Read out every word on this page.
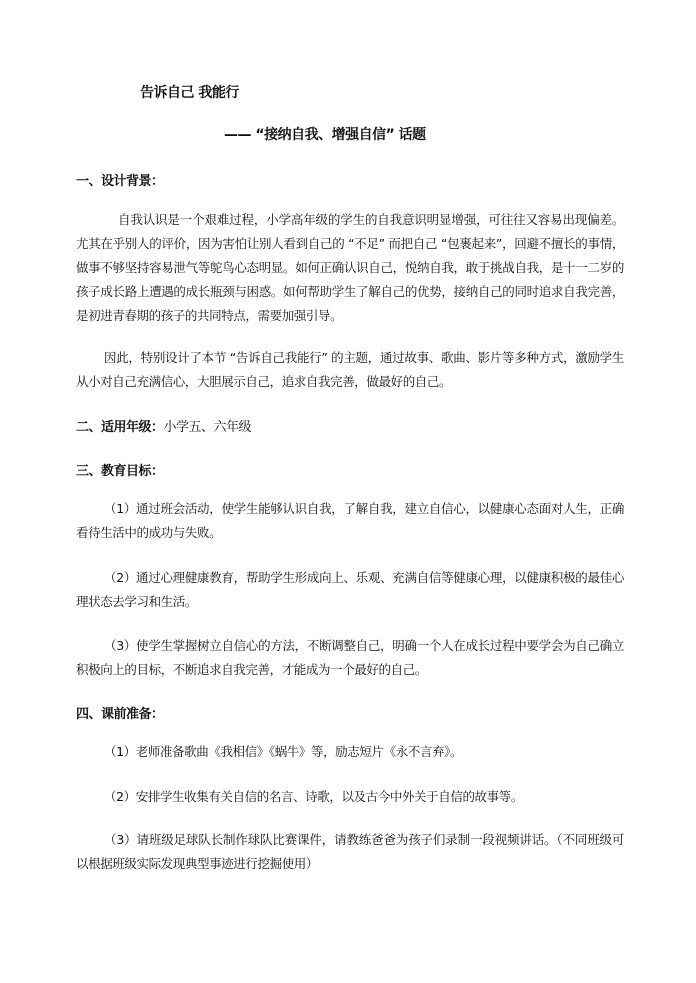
告诉自己 我能行
—— “接纳自我、增强自信” 话题
一、设计背景：
自我认识是一个艰难过程，小学高年级的学生的自我意识明显增强，可往往又容易出现偏差。尤其在乎别人的评价，因为害怕让别人看到自己的 “不足” 而把自己 “包裹起来”，回避不擅长的事情，做事不够坚持容易泄气等鸵鸟心态明显。如何正确认识自己，悦纳自我，敢于挑战自我，是十一二岁的孩子成长路上遭遇的成长瓶颈与困惑。如何帮助学生了解自己的优势，接纳自己的同时追求自我完善，是初进青春期的孩子的共同特点，需要加强引导。
因此，特别设计了本节 “告诉自己我能行” 的主题，通过故事、歌曲、影片等多种方式，激励学生从小对自己充满信心，大胆展示自己，追求自我完善，做最好的自己。
二、适用年级：小学五、六年级
三、教育目标：
（1）通过班会活动，使学生能够认识自我，了解自我，建立自信心，以健康心态面对人生，正确看待生活中的成功与失败。
（2）通过心理健康教育，帮助学生形成向上、乐观、充满自信等健康心理，以健康积极的最佳心理状态去学习和生活。
（3）使学生掌握树立自信心的方法，不断调整自己，明确一个人在成长过程中要学会为自己确立积极向上的目标，不断追求自我完善，才能成为一个最好的自己。
四、课前准备：
（1）老师准备歌曲《我相信》《蜗牛》等，励志短片《永不言弃》。
（2）安排学生收集有关自信的名言、诗歌，以及古今中外关于自信的故事等。
（3）请班级足球队长制作球队比赛课件，请教练爸爸为孩子们录制一段视频讲话。（不同班级可以根据班级实际发现典型事迹进行挖掘使用）
